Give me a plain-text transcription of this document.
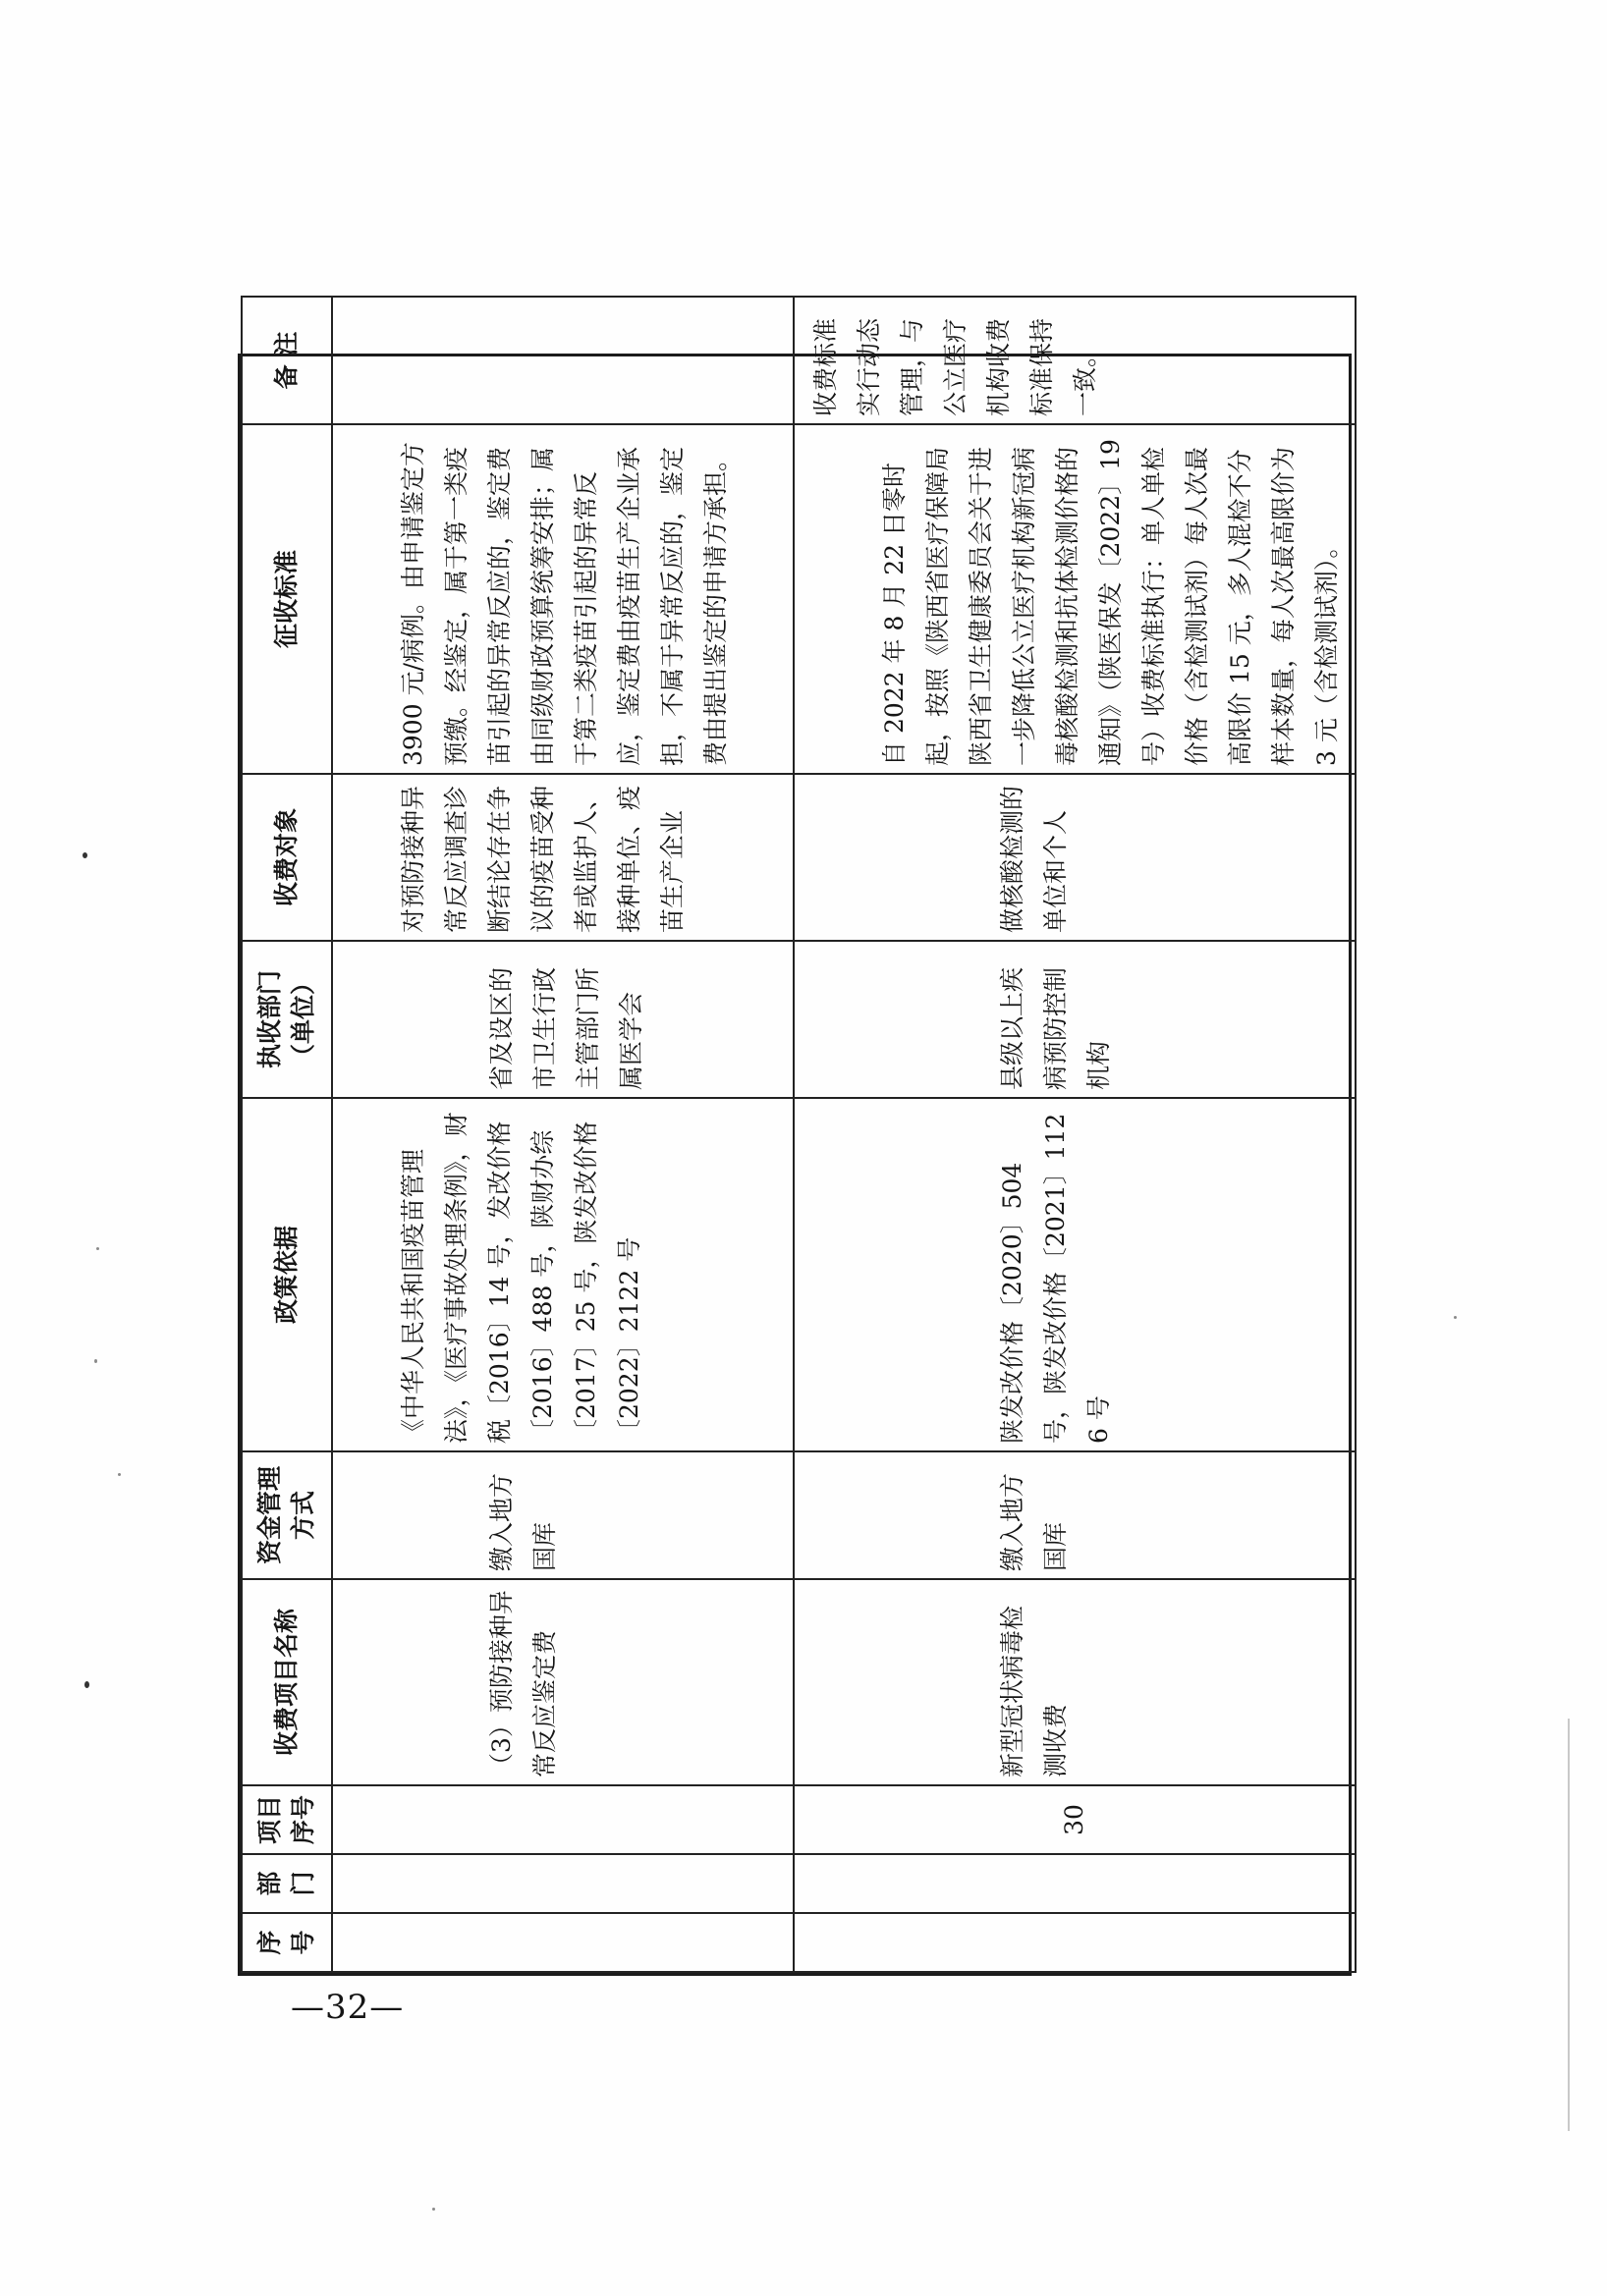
序号	部门	项目序号	收费项目名称	资金管理方式	政策依据	执收部门（单位）	收费对象	征收标准	备 注
			（3）预防接种异常反应鉴定费	缴入地方国库	《中华人民共和国疫苗管理法》，《医疗事故处理条例》，财税〔2016〕14 号，发改价格〔2016〕488 号，陕财办综〔2017〕25 号，陕发改价格〔2022〕2122 号	省及设区的市卫生行政主管部门所属医学会	对预防接种异常反应调查诊断结论存在争议的疫苗受种者或监护人、接种单位、疫苗生产企业	3900 元/病例。由申请鉴定方预缴。经鉴定，属于第一类疫苗引起的异常反应的，鉴定费由同级财政预算统筹安排；属于第二类疫苗引起的异常反应，鉴定费由疫苗生产企业承担，不属于异常反应的，鉴定费由提出鉴定的申请方承担。	
		30	新型冠状病毒检测收费	缴入地方国库	陕发改价格〔2020〕504 号，陕发改价格〔2021〕1126 号	县级以上疾病预防控制机构	做核酸检测的单位和个人	自 2022 年 8 月 22 日零时起，按照《陕西省医疗保障局 陕西省卫生健康委员会关于进一步降低公立医疗机构新冠病毒核酸检测和抗体检测价格的通知》（陕医保发〔2022〕19 号）收费标准执行：单人单检价格（含检测试剂）每人次最高限价 15 元，多人混检不分样本数量，每人次最高限价为 3 元（含检测试剂）。	收费标准实行动态管理，与公立医疗机构收费标准保持一致。
—32—
